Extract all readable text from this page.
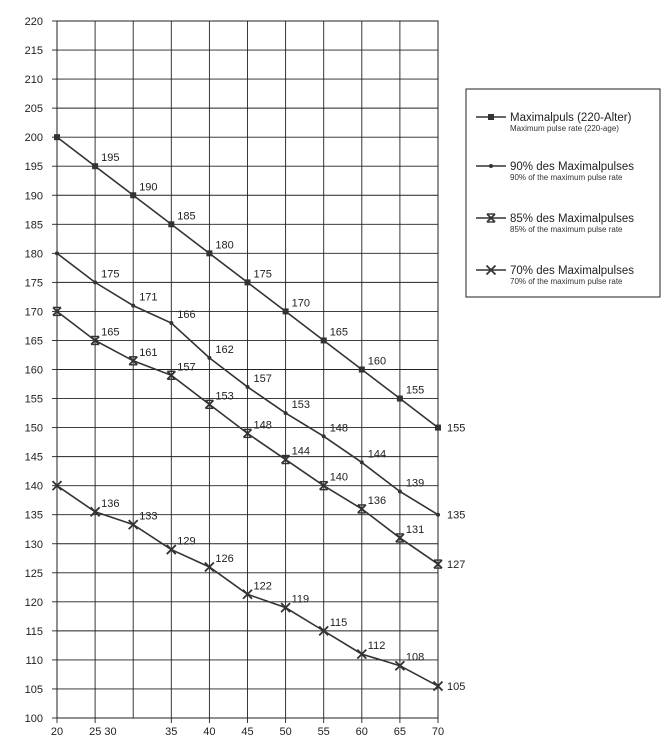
100
105
110
115
120
125
130
135
140
145
150
155
160
165
170
175
180
185
190
195
200
205
210
215
220
20 25 30	35 40 45 50 55 60 65 70
195
190
185
180
175
170
165
160
155
155
175
171
166
162
157
153
148
144
139
135
165
161
157
153
148
144
140
136
131
127
136
133
129
126
122
119
115
112
108
105
Maximalpuls (220-Alter)
Maximum pulse rate (220-age)
90% des Maximalpulses
90% of the maximum pulse rate
85% des Maximalpulses
85% of the maximum pulse rate
70% des Maximalpulses
70% of the maximum pulse rate
